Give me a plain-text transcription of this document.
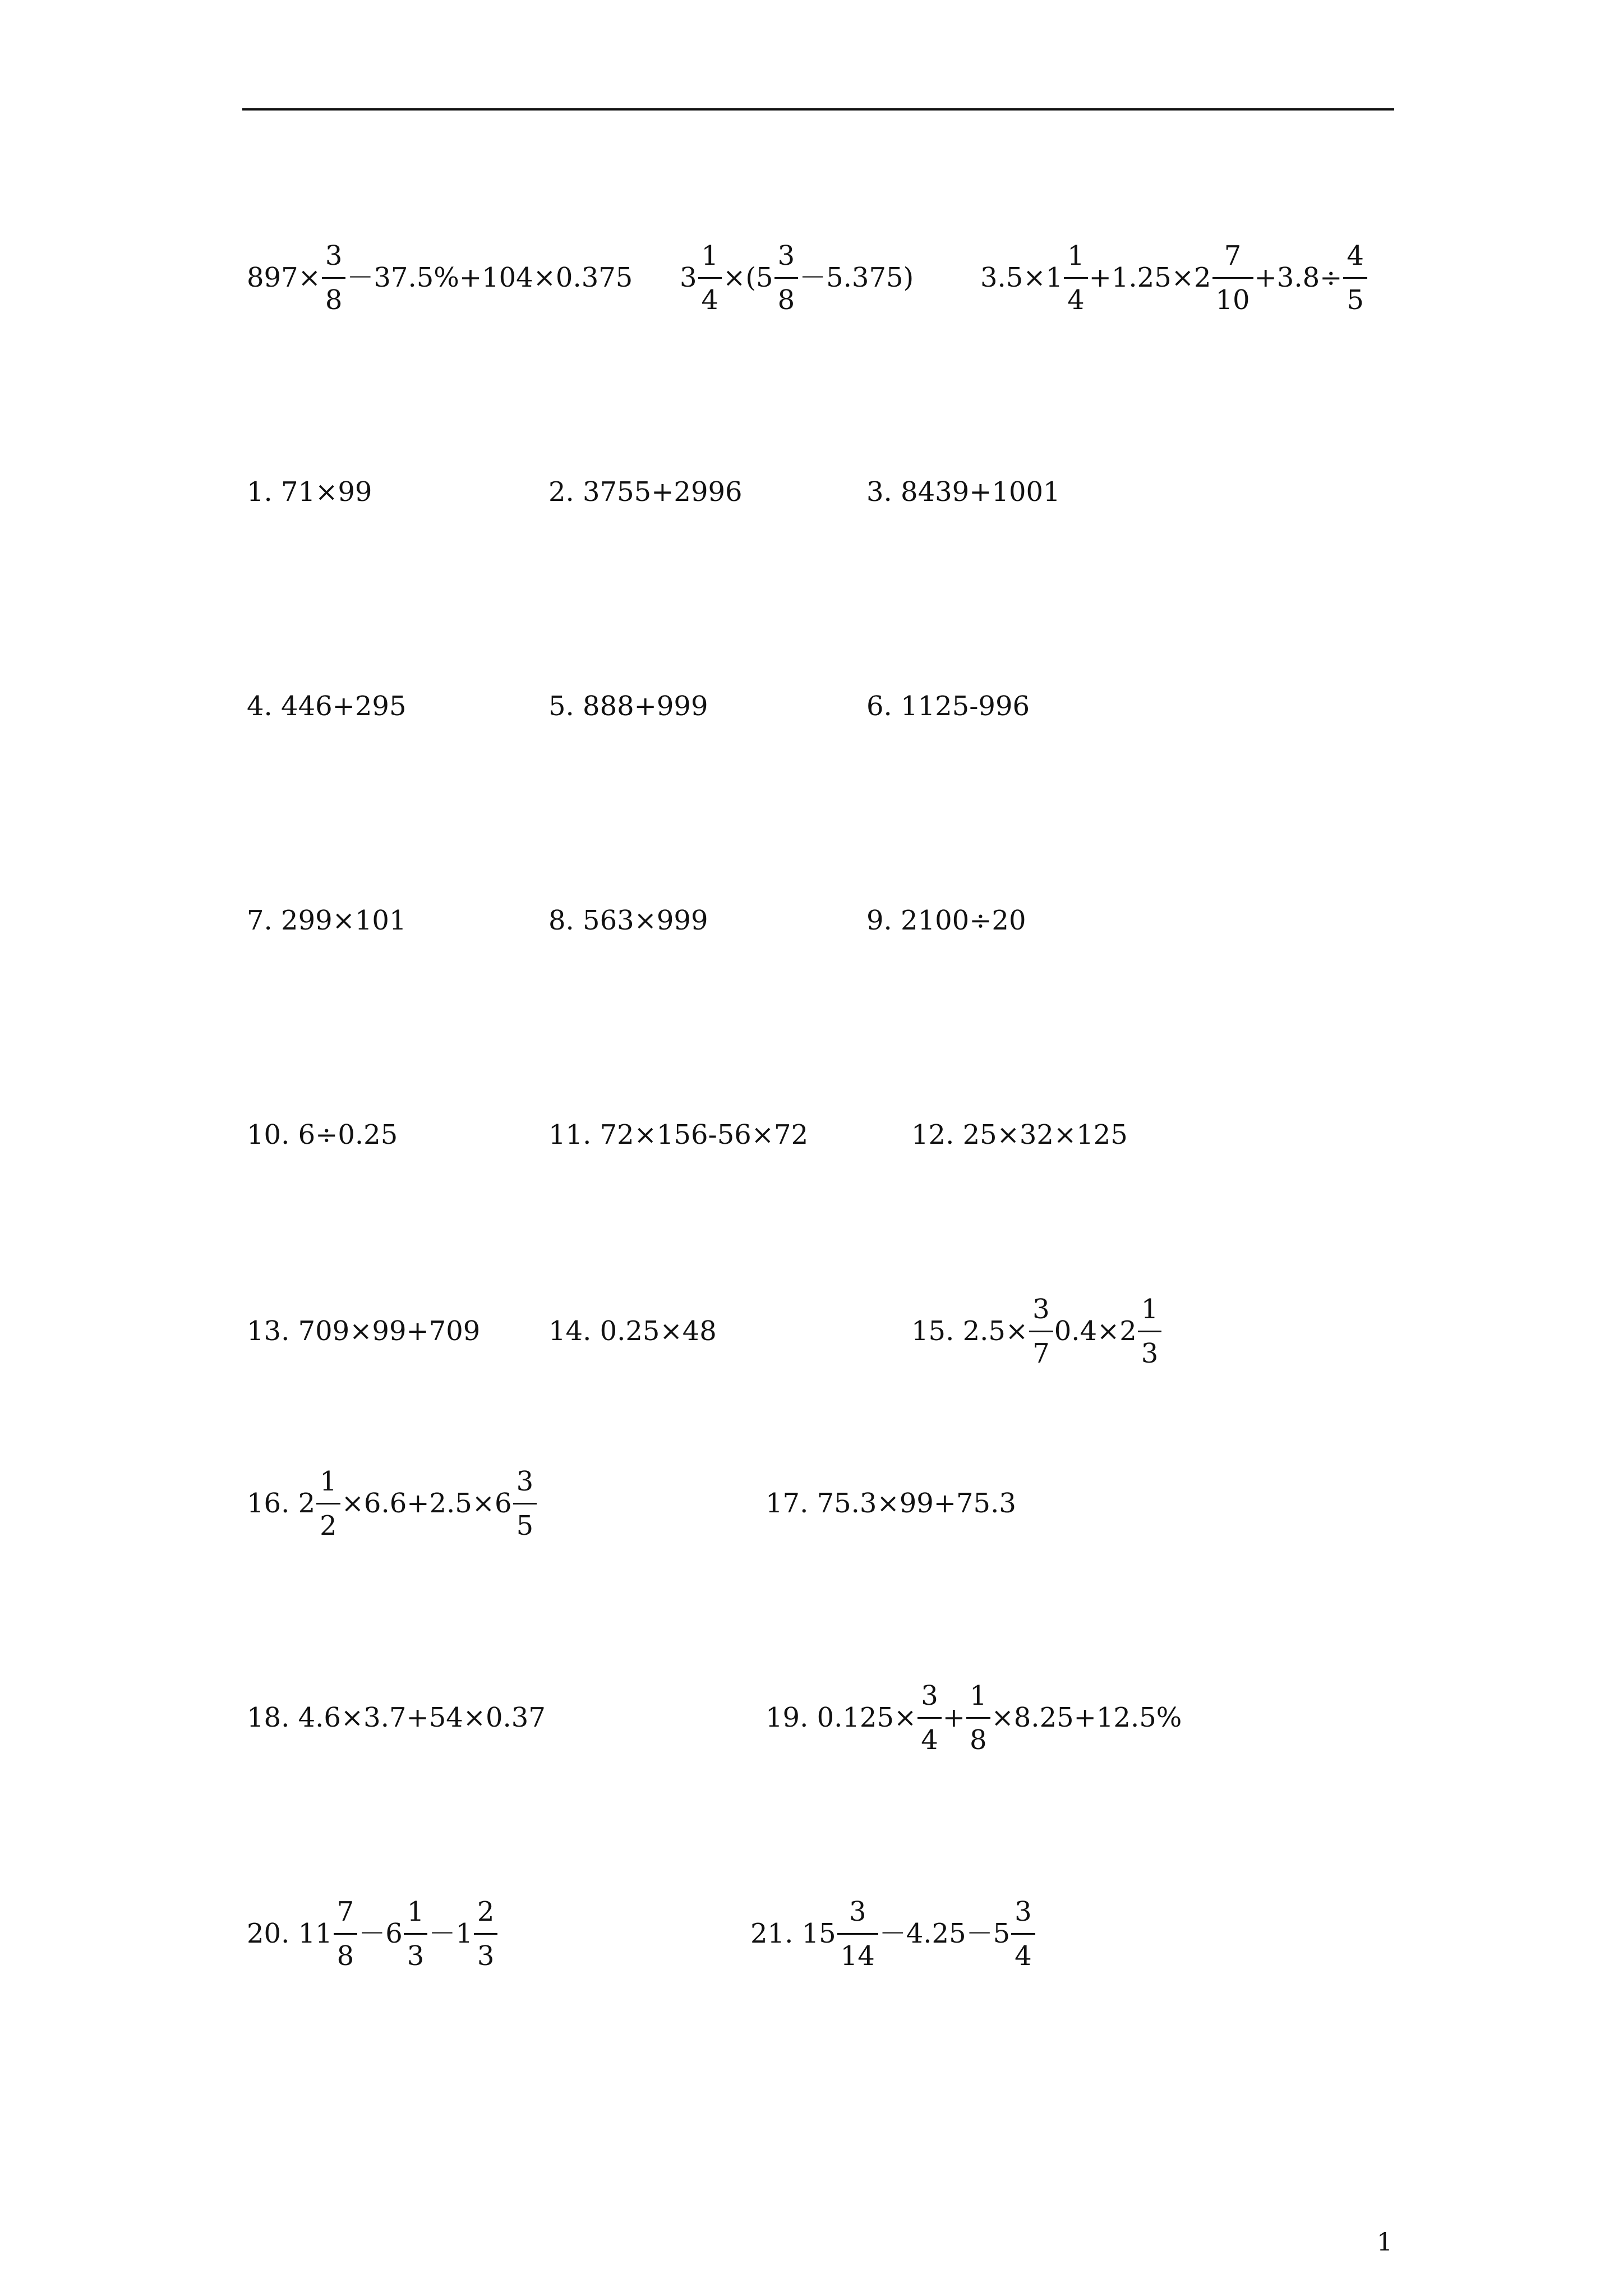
$897\times \frac{3}{8} -37.5\%+104\times 0.375$ $3 \frac{1}{4} \times(5 \frac{3}{8} -5.375)$ $3.5\times 1 \frac{1}{4} +1.25\times 2 \frac{7}{10} +3.8\div \frac{4}{5}$
1. 71×99	2. 3755+2996	3. 8439+1001
4. 446+295	5. 888+999	6. 1125-996
7. 299×101	8. 563×999	9. 2100÷20
10. 6÷0.25	11. 72×156-56×72	12. 25×32×125
13. 709×99+709	14. 0.25×48	15. $2.5\times \frac{3}{7} 0.4\times 2 \frac{1}{3}$
16. $2 \frac{1}{2} \times 6.6+2.5\times 6 \frac{3}{5}$	17. 75.3×99+75.3
18. 4.6×3.7+54×0.37	19. $0.125\times \frac{3}{4} + \frac{1}{8} \times 8.25+12.5\%$
20. $11 \frac{7}{8} -6 \frac{1}{3} -1 \frac{2}{3}$	21. $15 \frac{3}{14} -4.25-5 \frac{3}{4}$
1
